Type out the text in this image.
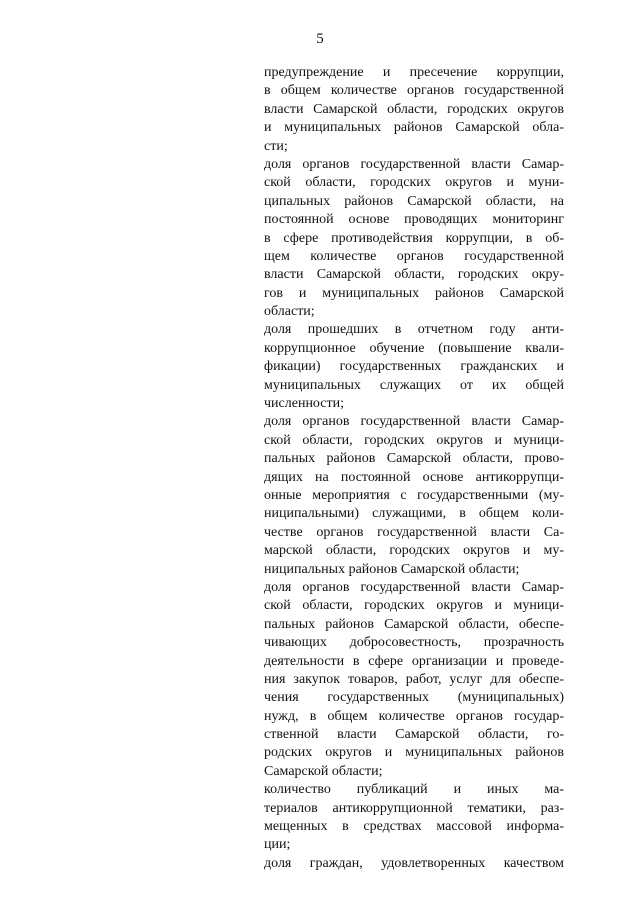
5

предупреждение и пресечение коррупции,
в общем количестве органов государственной
власти Самарской области, городских округов
и муниципальных районов Самарской обла-
сти;

доля органов государственной власти Самар-
ской области, городских округов и муни-
ципальных районов Самарской области, на
постоянной основе проводящих мониторинг
в сфере противодействия коррупции, в об-
щем количестве органов государственной
власти Самарской области, городских окру-
гов и муниципальных районов Самарской
области;

доля прошедших в отчетном году анти-
коррупционное обучение (повышение квали-
фикации) государственных гражданских и
муниципальных служащих от их общей
численности;

доля органов государственной власти Самар-
ской области, городских округов и муници-
пальных районов Самарской области, прово-
дящих на постоянной основе антикоррупци-
онные мероприятия с государственными (му-
ниципальными) служащими, в общем коли-
честве органов государственной власти Са-
марской области, городских округов и му-
ниципальных районов Самарской области;

доля органов государственной власти Самар-
ской области, городских округов и муници-
пальных районов Самарской области, обеспе-
чивающих добросовестность, прозрачность
деятельности в сфере организации и проведе-
ния закупок товаров, работ, услуг для обеспе-
чения государственных (муниципальных)
нужд, в общем количестве органов государ-
ственной власти Самарской области, го-
родских округов и муниципальных районов
Самарской области;

количество публикаций и иных ма-
териалов антикоррупционной тематики, раз-
мещенных в средствах массовой информа-
ции;

доля граждан, удовлетворенных качеством
